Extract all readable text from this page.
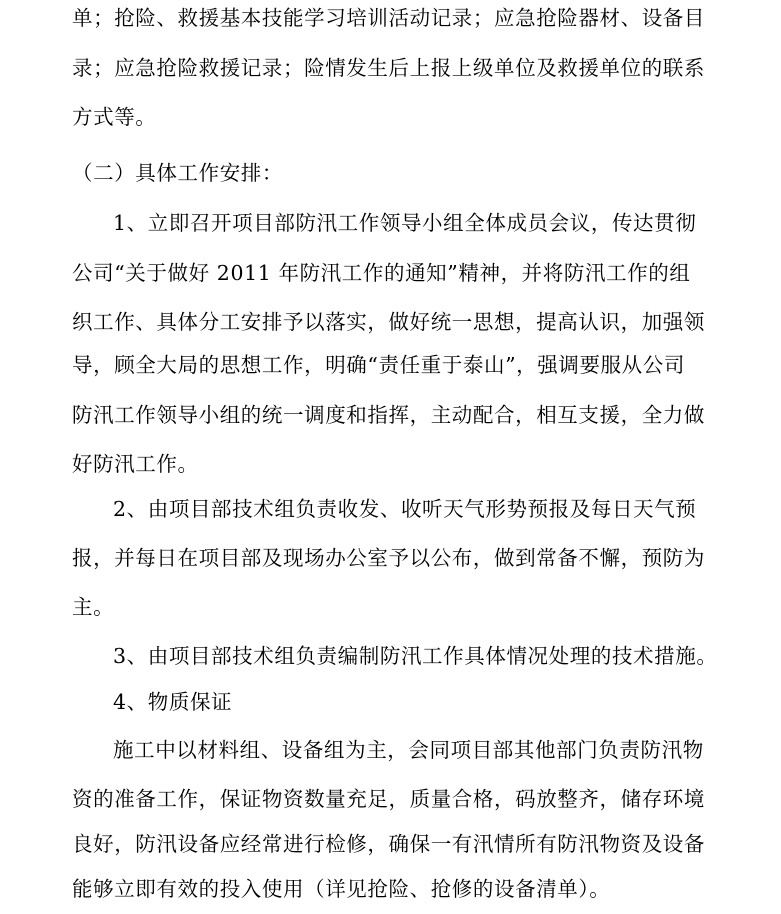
单；抢险、救援基本技能学习培训活动记录；应急抢险器材、设备目
录；应急抢险救援记录；险情发生后上报上级单位及救援单位的联系
方式等。
（二）具体工作安排：
1、立即召开项目部防汛工作领导小组全体成员会议，传达贯彻
公司“关于做好 2011 年防汛工作的通知”精神，并将防汛工作的组
织工作、具体分工安排予以落实，做好统一思想，提高认识，加强领
导，顾全大局的思想工作，明确“责任重于泰山”，强调要服从公司
防汛工作领导小组的统一调度和指挥，主动配合，相互支援，全力做
好防汛工作。
2、由项目部技术组负责收发、收听天气形势预报及每日天气预
报，并每日在项目部及现场办公室予以公布，做到常备不懈，预防为
主。
3、由项目部技术组负责编制防汛工作具体情况处理的技术措施。
4、物质保证
施工中以材料组、设备组为主，会同项目部其他部门负责防汛物
资的准备工作，保证物资数量充足，质量合格，码放整齐，储存环境
良好，防汛设备应经常进行检修，确保一有汛情所有防汛物资及设备
能够立即有效的投入使用（详见抢险、抢修的设备清单）。
